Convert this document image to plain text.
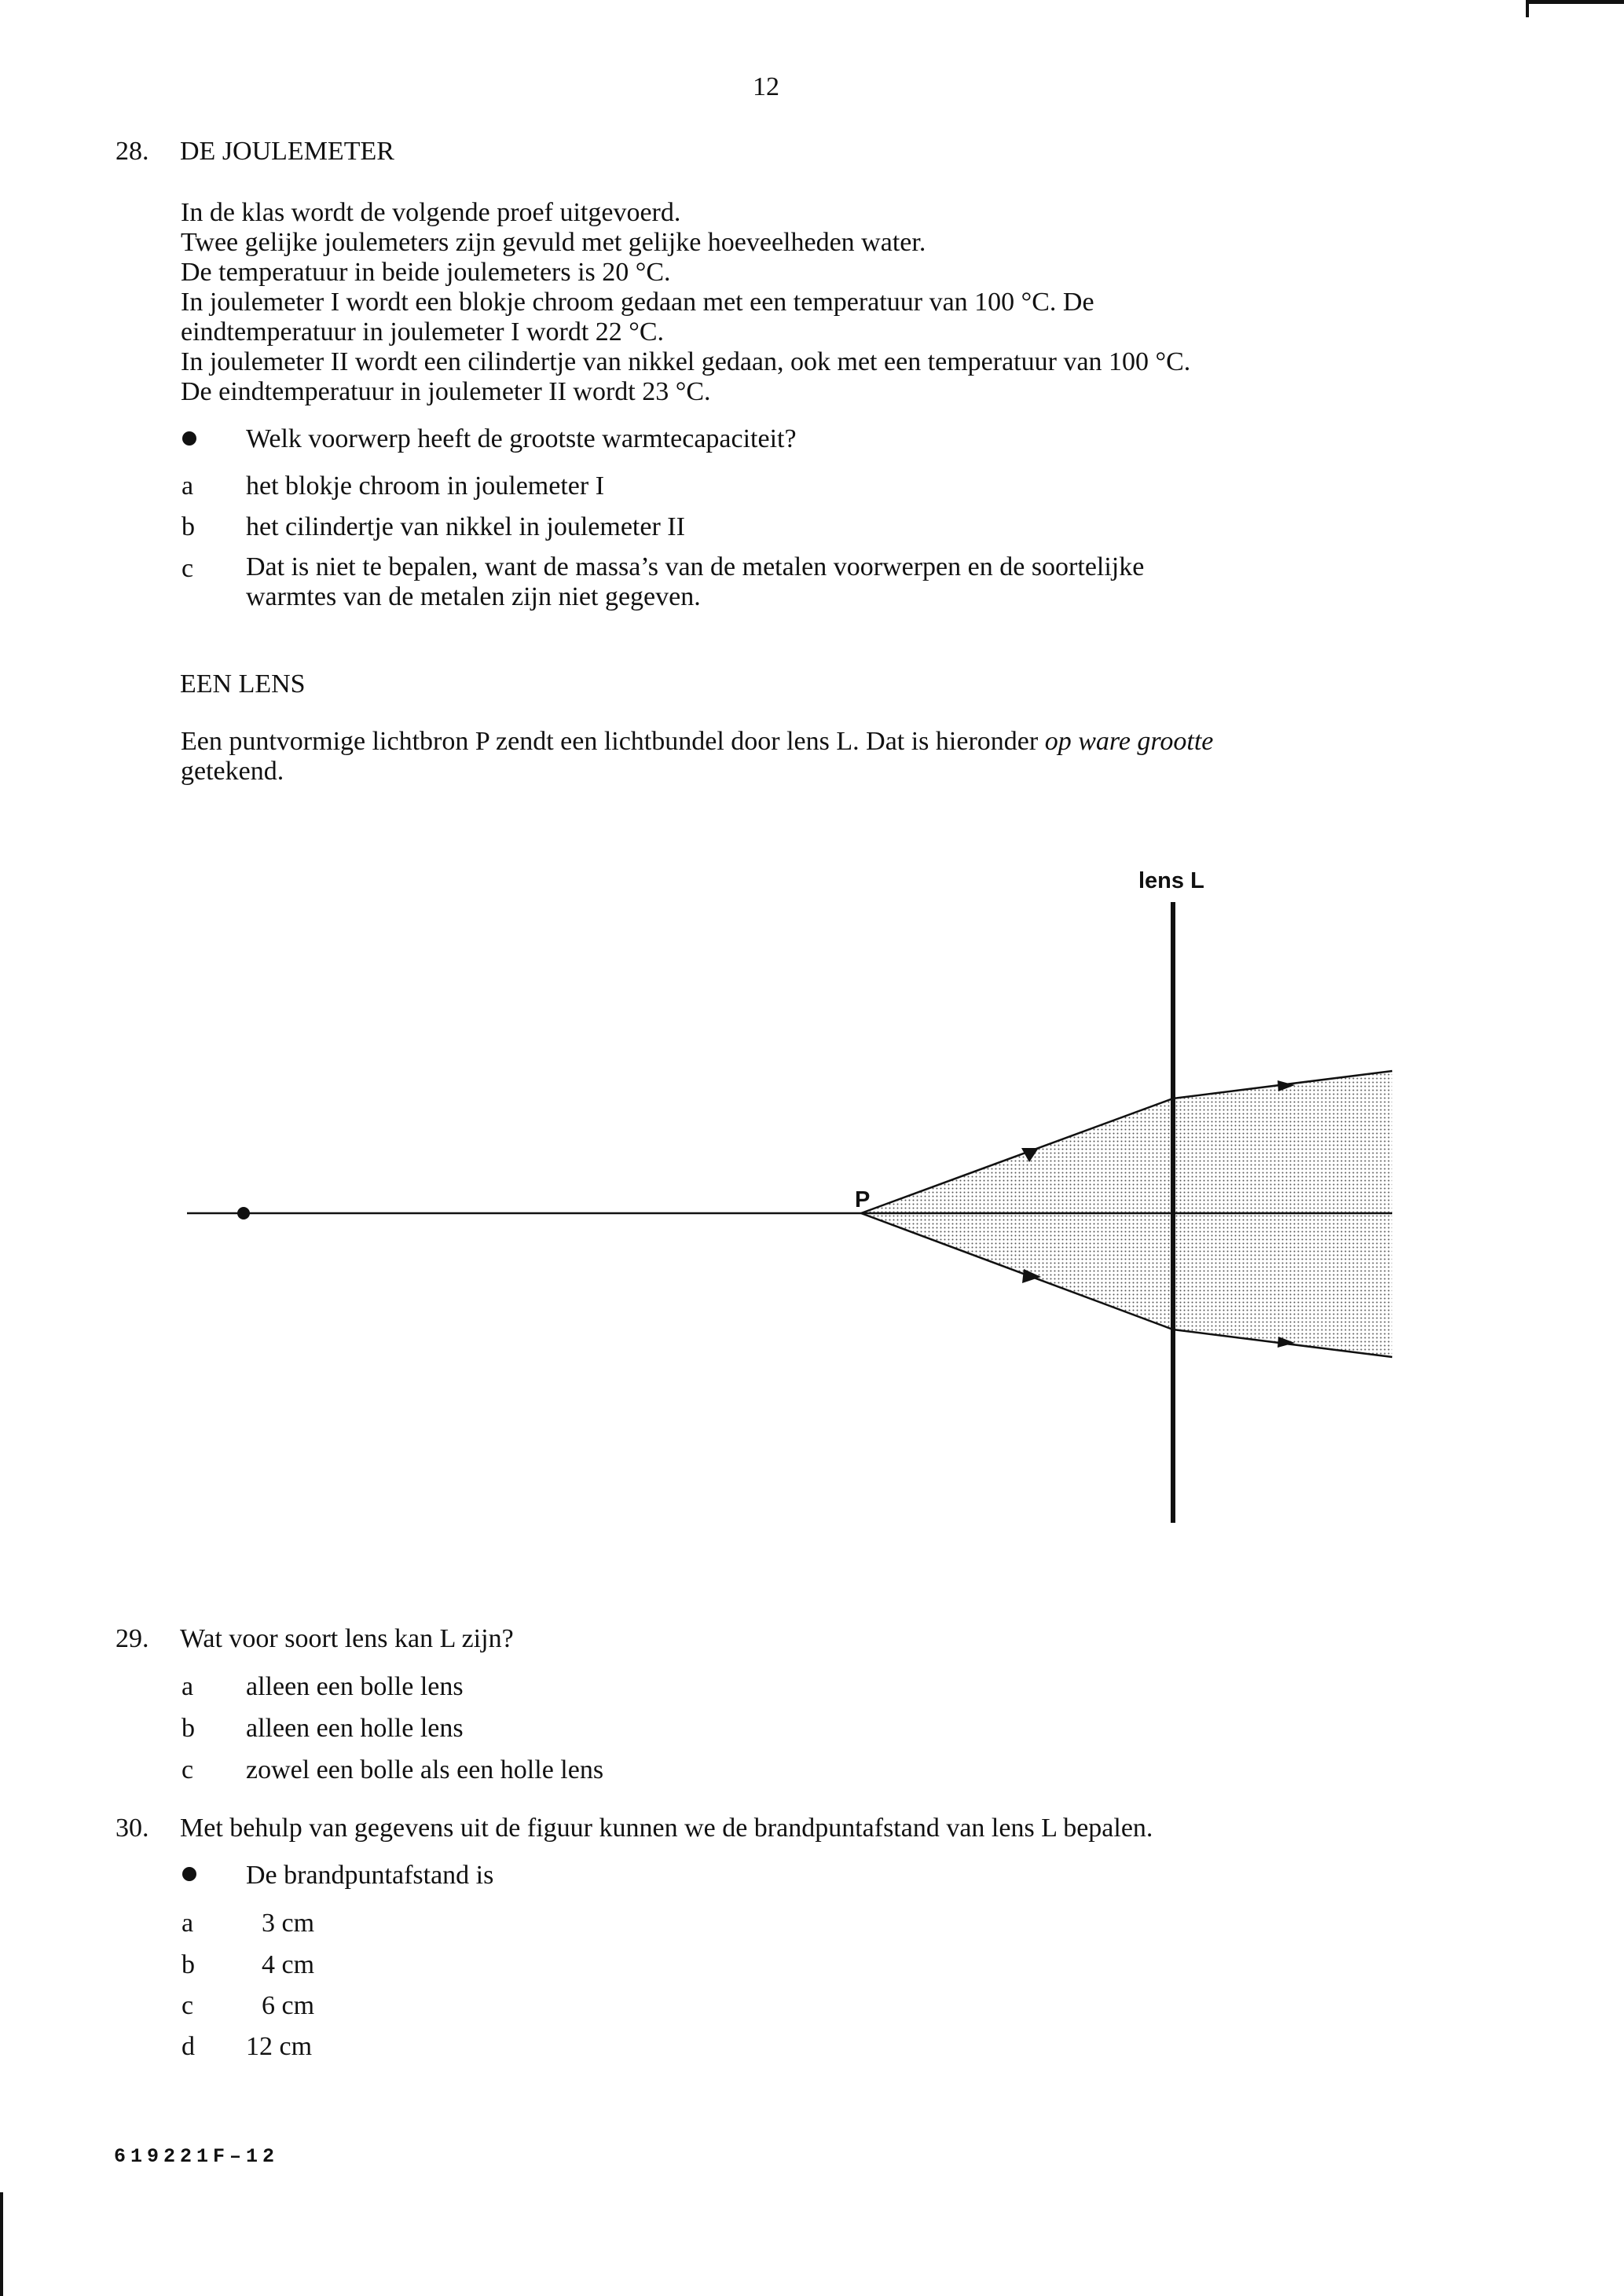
12
28. DE JOULEMETER
In de klas wordt de volgende proef uitgevoerd.
Twee gelijke joulemeters zijn gevuld met gelijke hoeveelheden water.
De temperatuur in beide joulemeters is 20 °C.
In joulemeter I wordt een blokje chroom gedaan met een temperatuur van 100 °C. De
eindtemperatuur in joulemeter I wordt 22 °C.
In joulemeter II wordt een cilindertje van nikkel gedaan, ook met een temperatuur van 100 °C.
De eindtemperatuur in joulemeter II wordt 23 °C.
Welk voorwerp heeft de grootste warmtecapaciteit?
a het blokje chroom in joulemeter I
b het cilindertje van nikkel in joulemeter II
c Dat is niet te bepalen, want de massa’s van de metalen voorwerpen en de soortelijke
warmtes van de metalen zijn niet gegeven.
EEN LENS
Een puntvormige lichtbron P zendt een lichtbundel door lens L. Dat is hieronder op ware grootte
getekend.
lens L
P
29. Wat voor soort lens kan L zijn?
a alleen een bolle lens
b alleen een holle lens
c zowel een bolle als een holle lens
30. Met behulp van gegevens uit de figuur kunnen we de brandpuntafstand van lens L bepalen.
De brandpuntafstand is
a	3 cm
b	4 cm
c	6 cm
d 12 cm
619221F–12
